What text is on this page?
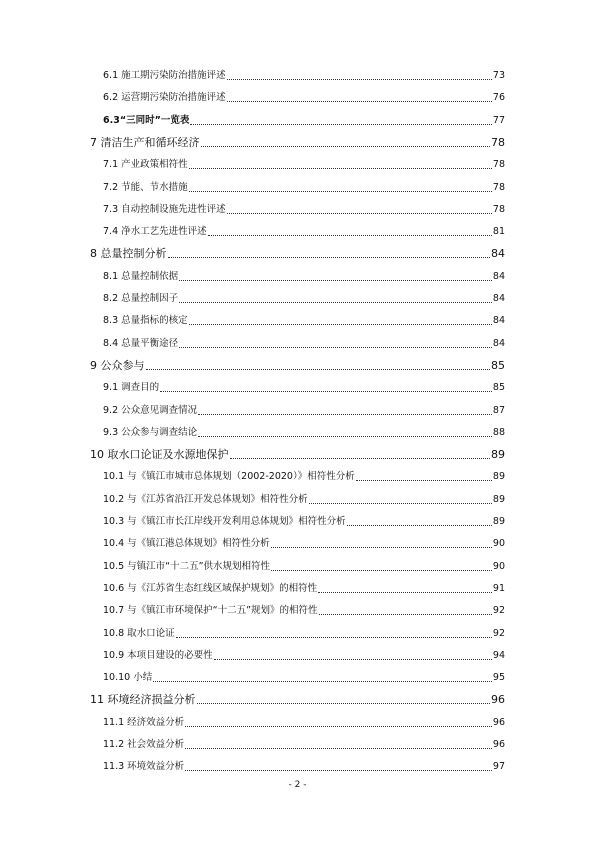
6.1 施工期污染防治措施评述	73
6.2 运营期污染防治措施评述	76
6.3“三同时”一览表	77
7 清洁生产和循环经济	78
7.1 产业政策相符性	78
7.2 节能、节水措施	78
7.3 自动控制设施先进性评述	78
7.4 净水工艺先进性评述	81
8 总量控制分析	84
8.1 总量控制依据	84
8.2 总量控制因子	84
8.3 总量指标的核定	84
8.4 总量平衡途径	84
9 公众参与	85
9.1 调查目的	85
9.2 公众意见调查情况	87
9.3 公众参与调查结论	88
10 取水口论证及水源地保护	89
10.1 与《镇江市城市总体规划（2002-2020）》相符性分析	89
10.2 与《江苏省沿江开发总体规划》相符性分析	89
10.3 与《镇江市长江岸线开发利用总体规划》相符性分析	89
10.4 与《镇江港总体规划》相符性分析	90
10.5 与镇江市“十二五”供水规划相符性	90
10.6 与《江苏省生态红线区域保护规划》的相符性	91
10.7 与《镇江市环境保护“十二五”规划》的相符性	92
10.8 取水口论证	92
10.9 本项目建设的必要性	94
10.10 小结	95
11 环境经济损益分析	96
11.1 经济效益分析	96
11.2 社会效益分析	96
11.3 环境效益分析	97
- 2 -
